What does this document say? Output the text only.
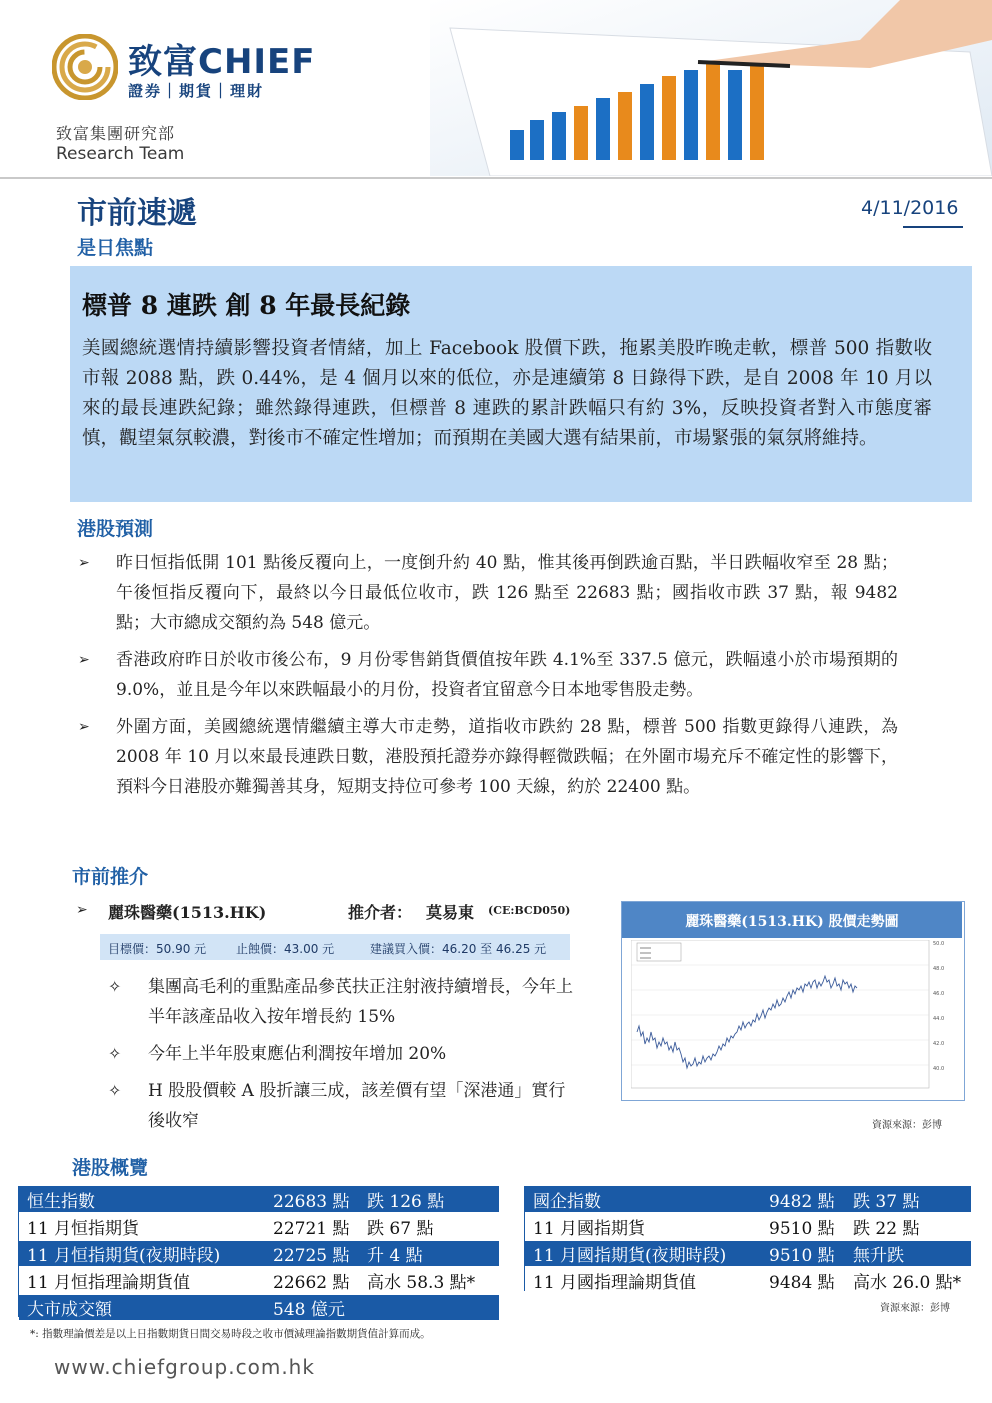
致富CHIEF
證券｜期貨｜理財
致富集團研究部
Research Team
市前速遞	4/11/2016
是日焦點
標普 8 連跌 創 8 年最長紀錄
美國總統選情持續影響投資者情緒，加上 Facebook 股價下跌，拖累美股昨晚走軟，標普 500 指數收市報 2088 點，跌 0.44%，是 4 個月以來的低位，亦是連續第 8 日錄得下跌，是自 2008 年 10 月以來的最長連跌紀錄；雖然錄得連跌，但標普 8 連跌的累計跌幅只有約 3%，反映投資者對入市態度審慎，觀望氣氛較濃，對後市不確定性增加；而預期在美國大選有結果前，市場緊張的氣氛將維持。
港股預測
➢ 昨日恒指低開 101 點後反覆向上，一度倒升約 40 點，惟其後再倒跌逾百點，半日跌幅收窄至 28 點；午後恒指反覆向下，最終以今日最低位收市，跌 126 點至 22683 點；國指收市跌 37 點，報 9482 點；大市總成交額約為 548 億元。
➢ 香港政府昨日於收市後公布，9 月份零售銷貨價值按年跌 4.1%至 337.5 億元，跌幅遠小於市場預期的 9.0%，並且是今年以來跌幅最小的月份，投資者宜留意今日本地零售股走勢。
➢ 外圍方面，美國總統選情繼續主導大市走勢，道指收市跌約 28 點，標普 500 指數更錄得八連跌，為 2008 年 10 月以來最長連跌日數，港股預托證券亦錄得輕微跌幅；在外圍市場充斥不確定性的影響下，預料今日港股亦難獨善其身，短期支持位可參考 100 天線，約於 22400 點。
市前推介
➢ 麗珠醫藥(1513.HK)	推介者： 莫易東 (CE:BCD050)
目標價：50.90 元 止蝕價：43.00 元	建議買入價：46.20 至 46.25 元
✧ 集團高毛利的重點產品參芪扶正注射液持續增長，今年上半年該產品收入按年增長約 15%
✧ 今年上半年股東應佔利潤按年增加 20%
✧ H 股股價較 A 股折讓三成，該差價有望「深港通」實行後收窄
麗珠醫藥(1513.HK) 股價走勢圖
50.0
48.0
46.0
44.0
42.0
40.0
資源來源：彭博
港股概覽
恒生指數	22683 點	跌 126 點
11 月恒指期貨	22721 點	跌 67 點
11 月恒指期貨(夜期時段)	22725 點	升 4 點
11 月恒指理論期貨值	22662 點	高水 58.3 點*
大市成交額	548 億元	
國企指數	9482 點	跌 37 點
11 月國指期貨	9510 點	跌 22 點
11 月國指期貨(夜期時段)	9510 點	無升跌
11 月國指理論期貨值	9484 點	高水 26.0 點*
資源來源：彭博
*: 指數理論價差是以上日指數期貨日間交易時段之收市價減理論指數期貨值計算而成。
www.chiefgroup.com.hk
